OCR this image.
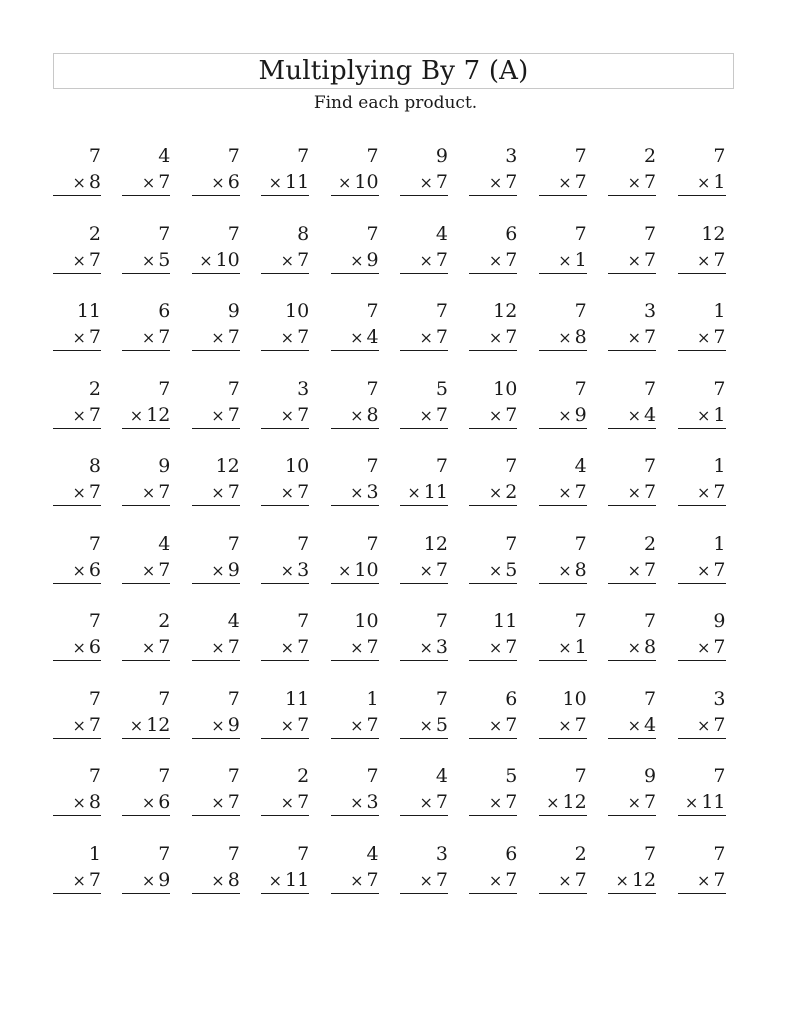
Multiplying By 7 (A)
Find each product.
7
× 8
4
× 7
7
× 6
7
× 11
7
× 10
9
× 7
3
× 7
7
× 7
2
× 7
7
× 1
2
× 7
7
× 5
7
× 10
8
× 7
7
× 9
4
× 7
6
× 7
7
× 1
7
× 7
12
× 7
11
× 7
6
× 7
9
× 7
10
× 7
7
× 4
7
× 7
12
× 7
7
× 8
3
× 7
1
× 7
2
× 7
7
× 12
7
× 7
3
× 7
7
× 8
5
× 7
10
× 7
7
× 9
7
× 4
7
× 1
8
× 7
9
× 7
12
× 7
10
× 7
7
× 3
7
× 11
7
× 2
4
× 7
7
× 7
1
× 7
7
× 6
4
× 7
7
× 9
7
× 3
7
× 10
12
× 7
7
× 5
7
× 8
2
× 7
1
× 7
7
× 6
2
× 7
4
× 7
7
× 7
10
× 7
7
× 3
11
× 7
7
× 1
7
× 8
9
× 7
7
× 7
7
× 12
7
× 9
11
× 7
1
× 7
7
× 5
6
× 7
10
× 7
7
× 4
3
× 7
7
× 8
7
× 6
7
× 7
2
× 7
7
× 3
4
× 7
5
× 7
7
× 12
9
× 7
7
× 11
1
× 7
7
× 9
7
× 8
7
× 11
4
× 7
3
× 7
6
× 7
2
× 7
7
× 12
7
× 7
